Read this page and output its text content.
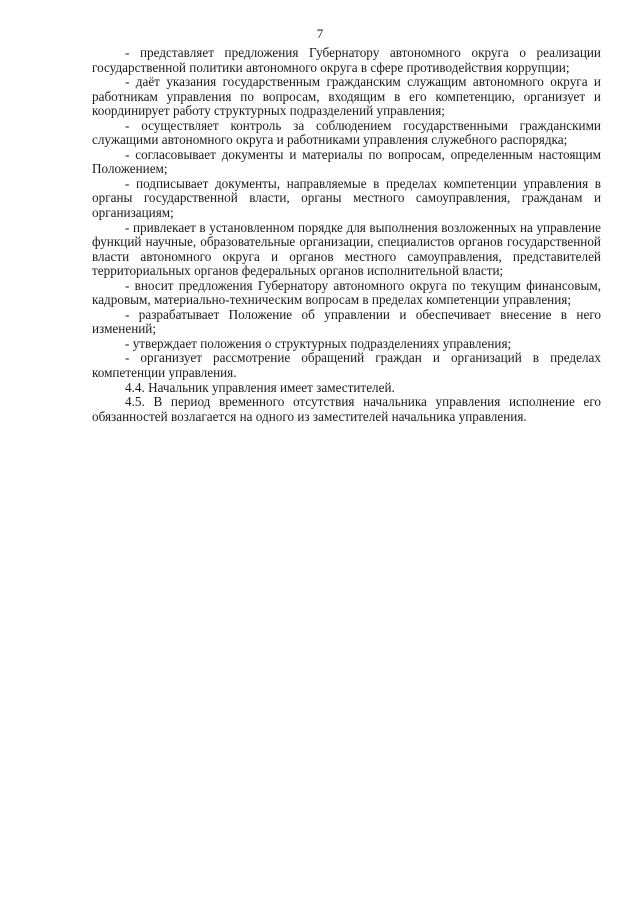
7

- представляет предложения Губернатору автономного округа о реализации государственной политики автономного округа в сфере противодействия коррупции;

- даёт указания государственным гражданским служащим автономного округа и работникам управления по вопросам, входящим в его компетенцию, организует и координирует работу структурных подразделений управления;

- осуществляет контроль за соблюдением государственными гражданскими служащими автономного округа и работниками управления служебного распорядка;

- согласовывает документы и материалы по вопросам, определенным настоящим Положением;

- подписывает документы, направляемые в пределах компетенции управления в органы государственной власти, органы местного самоуправления, гражданам и организациям;

- привлекает в установленном порядке для выполнения возложенных на управление функций научные, образовательные организации, специалистов органов государственной власти автономного округа и органов местного самоуправления, представителей территориальных органов федеральных органов исполнительной власти;

- вносит предложения Губернатору автономного округа по текущим финансовым, кадровым, материально-техническим вопросам в пределах компетенции управления;

- разрабатывает Положение об управлении и обеспечивает внесение в него изменений;

- утверждает положения о структурных подразделениях управления;

- организует рассмотрение обращений граждан и организаций в пределах компетенции управления.

4.4. Начальник управления имеет заместителей.

4.5. В период временного отсутствия начальника управления исполнение его обязанностей возлагается на одного из заместителей начальника управления.
